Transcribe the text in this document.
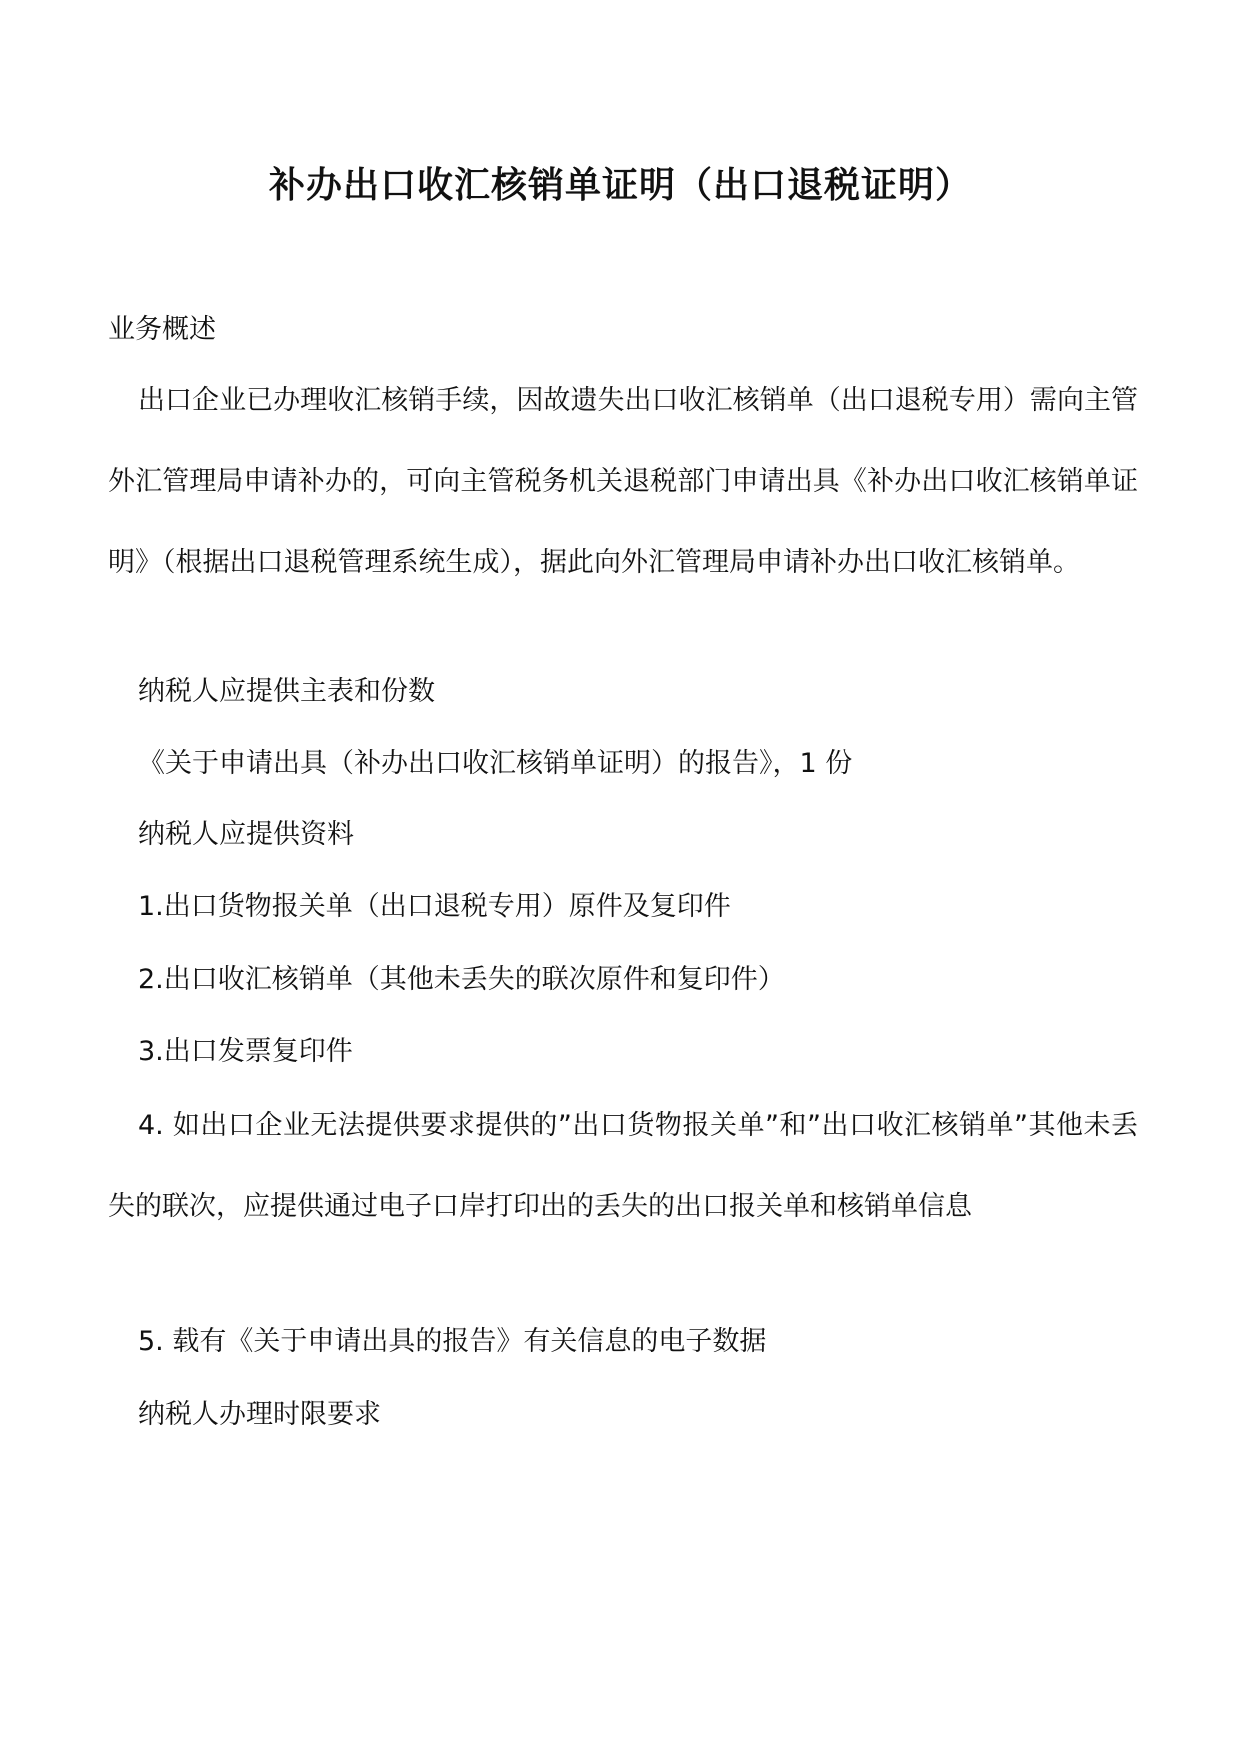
补办出口收汇核销单证明（出口退税证明）
业务概述
出口企业已办理收汇核销手续，因故遗失出口收汇核销单（出口退税专用）需向主管外汇管理局申请补办的，可向主管税务机关退税部门申请出具《补办出口收汇核销单证明》（根据出口退税管理系统生成），据此向外汇管理局申请补办出口收汇核销单。
纳税人应提供主表和份数
《关于申请出具（补办出口收汇核销单证明）的报告》，1 份
纳税人应提供资料
1.出口货物报关单（出口退税专用）原件及复印件
2.出口收汇核销单（其他未丢失的联次原件和复印件）
3.出口发票复印件
4. 如出口企业无法提供要求提供的”出口货物报关单”和”出口收汇核销单”其他未丢失的联次，应提供通过电子口岸打印出的丢失的出口报关单和核销单信息
5. 载有《关于申请出具的报告》有关信息的电子数据
纳税人办理时限要求
